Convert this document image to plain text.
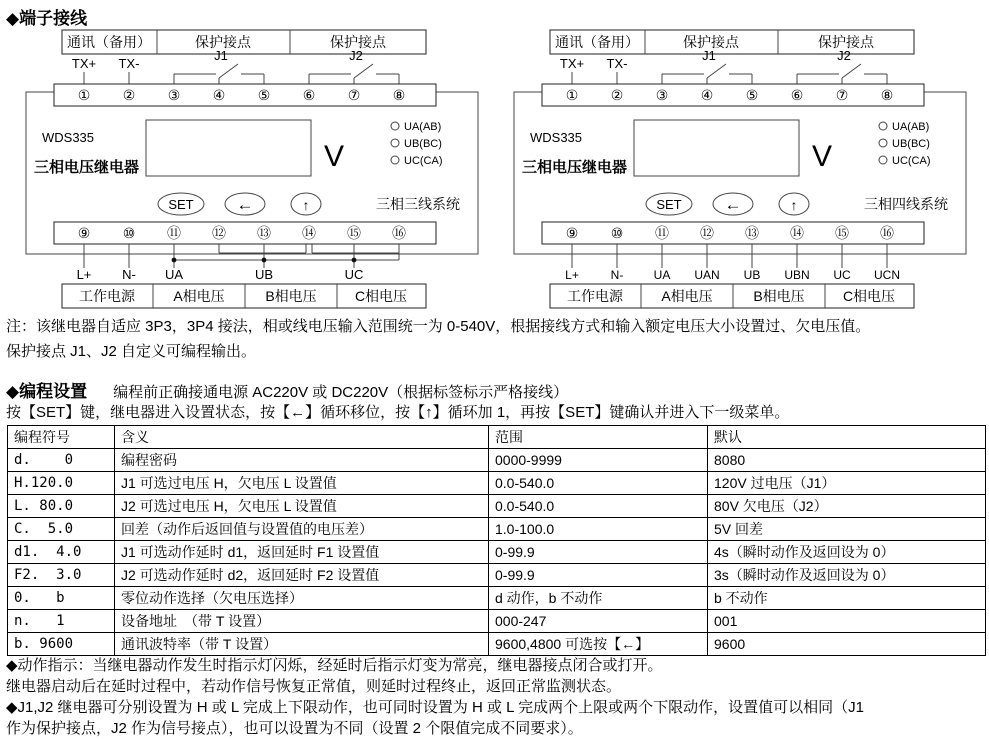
◆端子接线
通讯（备用）	保护接点	保护接点
TX+ TX-
J1	J2
① ② ③ ④ ⑤ ⑥ ⑦ ⑧
WDS335
三相电压继电器	V
UA(AB)
UB(BC)
UC(CA)
SET	←	↑	三相三线系统
⑨ ⑩ ⑪ ⑫ ⑬ ⑭ ⑮ ⑯
L+ N- UA	UB	UC
工作电源	A相电压	B相电压	C相电压
通讯（备用）	保护接点	保护接点
TX+ TX-
J1	J2
① ② ③ ④ ⑤ ⑥ ⑦ ⑧
WDS335
三相电压继电器	V
UA(AB)
UB(BC)
UC(CA)
SET	←	↑	三相四线系统
⑨ ⑩ ⑪ ⑫ ⑬ ⑭ ⑮ ⑯
L+	N-	UA UAN UB UBN UC UCN
工作电源	A相电压	B相电压	C相电压
注：该继电器自适应 3P3，3P4 接法，相或线电压输入范围统一为 0-540V，根据接线方式和输入额定电压大小设置过、欠电压值。
保护接点 J1、J2 自定义可编程输出。
◆编程设置 编程前正确接通电源 AC220V 或 DC220V（根据标签标示严格接线）
按【SET】键，继电器进入设置状态，按【←】循环移位，按【↑】循环加 1，再按【SET】键确认并进入下一级菜单。
编程符号	含义	范围	默认
d.    0	编程密码	0000-9999	8080
H.120.0	J1 可选过电压 H，欠电压 L 设置值	0.0-540.0	120V 过电压（J1）
L. 80.0	J2 可选过电压 H，欠电压 L 设置值	0.0-540.0	80V 欠电压（J2）
C.  5.0	回差（动作后返回值与设置值的电压差）	1.0-100.0	5V 回差
d1.  4.0	J1 可选动作延时 d1，返回延时 F1 设置值	0-99.9	4s（瞬时动作及返回设为 0）
F2.  3.0	J2 可选动作延时 d2，返回延时 F2 设置值	0-99.9	3s（瞬时动作及返回设为 0）
0.   b	零位动作选择（欠电压选择）	d 动作，b 不动作	b 不动作
n.   1	设备地址　（带 T 设置）	000-247	001
b. 9600	通讯波特率（带 T 设置）	9600,4800 可选按【←】	9600
◆动作指示：当继电器动作发生时指示灯闪烁，经延时后指示灯变为常亮，继电器接点闭合或打开。
继电器启动后在延时过程中，若动作信号恢复正常值，则延时过程终止，返回正常监测状态。
◆J1,J2 继电器可分别设置为 H 或 L 完成上下限动作，也可同时设置为 H 或 L 完成两个上限或两个下限动作，设置值可以相同（J1
作为保护接点，J2 作为信号接点），也可以设置为不同（设置 2 个限值完成不同要求）。
